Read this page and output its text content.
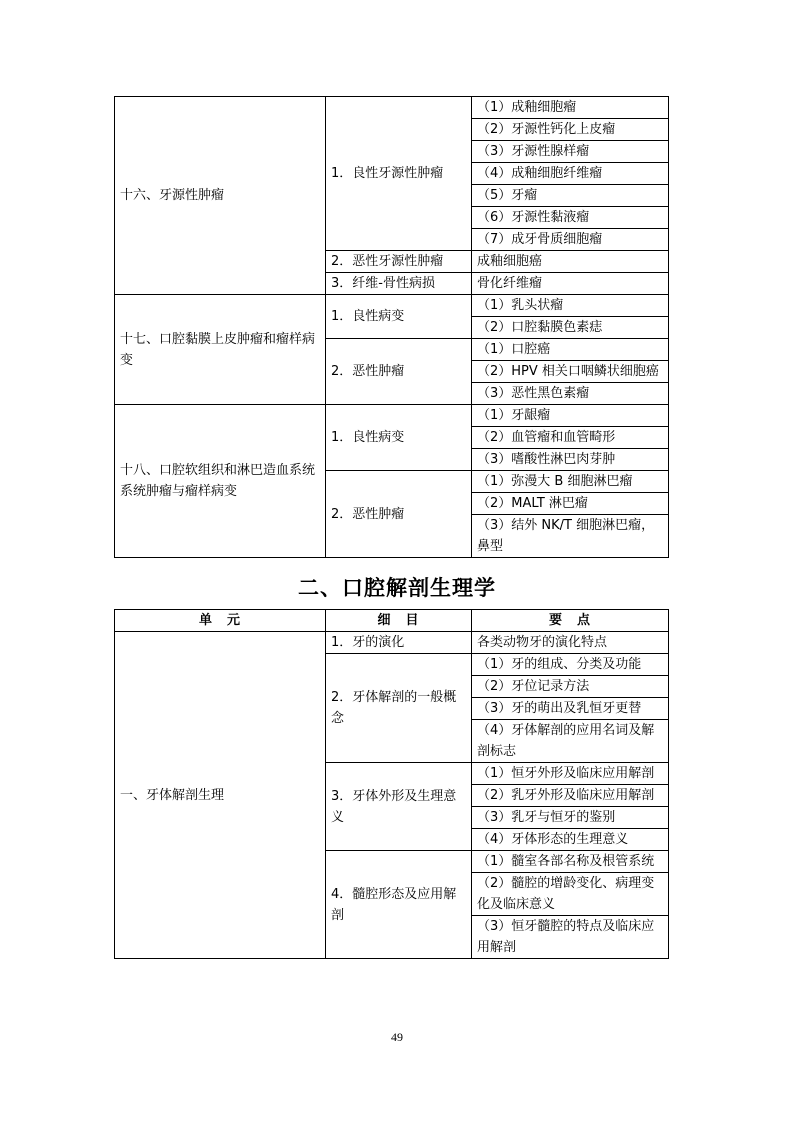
十六、牙源性肿瘤	1．良性牙源性肿瘤	（1）成釉细胞瘤
		（2）牙源性钙化上皮瘤
		（3）牙源性腺样瘤
		（4）成釉细胞纤维瘤
		（5）牙瘤
		（6）牙源性黏液瘤
		（7）成牙骨质细胞瘤
	2．恶性牙源性肿瘤	成釉细胞癌
	3．纤维-骨性病损	骨化纤维瘤
十七、口腔黏膜上皮肿瘤和瘤样病变	1．良性病变	（1）乳头状瘤
		（2）口腔黏膜色素痣
	2．恶性肿瘤	（1）口腔癌
		（2）HPV 相关口咽鳞状细胞癌
		（3）恶性黑色素瘤
十八、口腔软组织和淋巴造血系统系统肿瘤与瘤样病变	1．良性病变	（1）牙龈瘤
		（2）血管瘤和血管畸形
		（3）嗜酸性淋巴肉芽肿
	2．恶性肿瘤	（1）弥漫大 B 细胞淋巴瘤
		（2）MALT 淋巴瘤
		（3）结外 NK/T 细胞淋巴瘤，鼻型
二、口腔解剖生理学
单　元	细　目	要　点
一、牙体解剖生理	1．牙的演化	各类动物牙的演化特点
	2．牙体解剖的一般概念	（1）牙的组成、分类及功能
		（2）牙位记录方法
		（3）牙的萌出及乳恒牙更替
		（4）牙体解剖的应用名词及解剖标志
	3．牙体外形及生理意义	（1）恒牙外形及临床应用解剖
		（2）乳牙外形及临床应用解剖
		（3）乳牙与恒牙的鉴别
		（4）牙体形态的生理意义
	4．髓腔形态及应用解剖	（1）髓室各部名称及根管系统
		（2）髓腔的增龄变化、病理变化及临床意义
		（3）恒牙髓腔的特点及临床应用解剖
49
